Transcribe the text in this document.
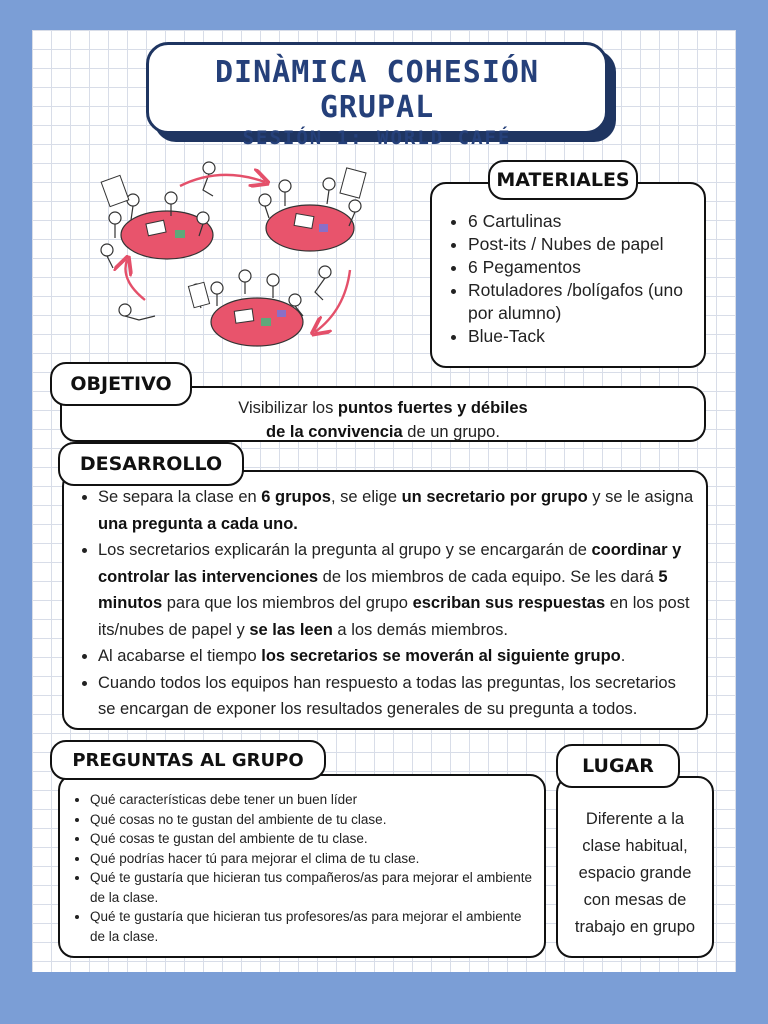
DINÀMICA COHESIÓN GRUPAL
SESIÓN 1: WORLD CAFÉ
• 6 Cartulinas
• Post-its / Nubes de papel
• 6 Pegamentos
• Rotuladores /bolígafos (uno por alumno)
• Blue-Tack
MATERIALES
Visibilizar los puntos fuertes y débiles
de la convivencia de un grupo.
OBJETIVO
• Se separa la clase en 6 grupos, se elige un secretario por grupo y se le asigna una pregunta a cada uno.
• Los secretarios explicarán la pregunta al grupo y se encargarán de coordinar y controlar las intervenciones de los miembros de cada equipo. Se les dará 5 minutos para que los miembros del grupo escriban sus respuestas en los post its/nubes de papel y se las leen a los demás miembros.
• Al acabarse el tiempo los secretarios se moverán al siguiente grupo.
• Cuando todos los equipos han respuesto a todas las preguntas, los secretarios se encargan de exponer los resultados generales de su pregunta a todos.
DESARROLLO
• Qué características debe tener un buen líder
• Qué cosas no te gustan del ambiente de tu clase.
• Qué cosas te gustan del ambiente de tu clase.
• Qué podrías hacer tú para mejorar el clima de tu clase.
• Qué te gustaría que hicieran tus compañeros/as para mejorar el ambiente de la clase.
• Qué te gustaría que hicieran tus profesores/as para mejorar el ambiente de la clase.
PREGUNTAS AL GRUPO
Diferente a la clase habitual, espacio grande con mesas de trabajo en grupo
LUGAR
